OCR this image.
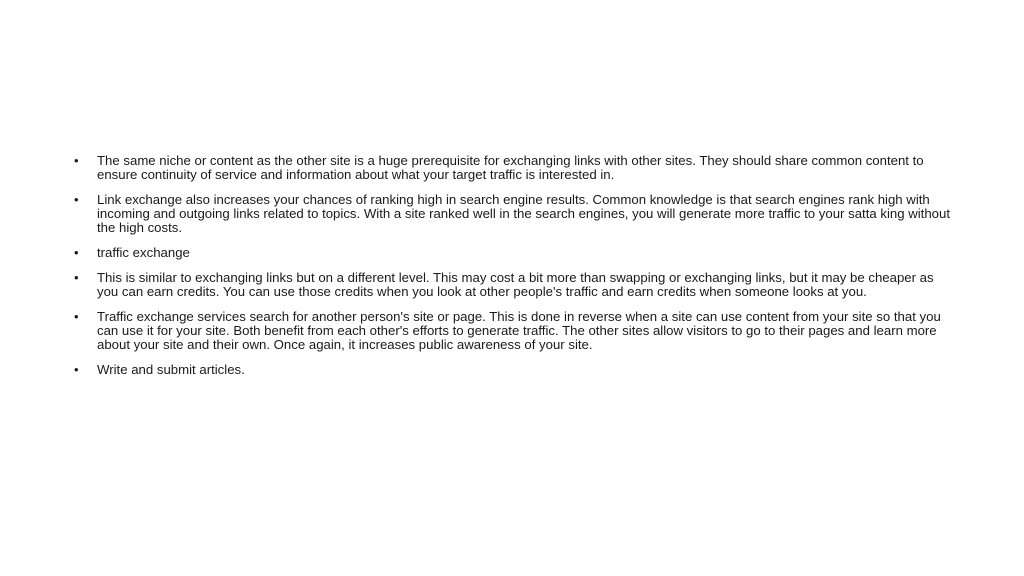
• The same niche or content as the other site is a huge prerequisite for exchanging links with other sites. They should share common content to ensure continuity of service and information about what your target traffic is interested in.
• Link exchange also increases your chances of ranking high in search engine results. Common knowledge is that search engines rank high with incoming and outgoing links related to topics. With a site ranked well in the search engines, you will generate more traffic to your satta king without the high costs.
• traffic exchange
• This is similar to exchanging links but on a different level. This may cost a bit more than swapping or exchanging links, but it may be cheaper as you can earn credits. You can use those credits when you look at other people's traffic and earn credits when someone looks at you.
• Traffic exchange services search for another person's site or page. This is done in reverse when a site can use content from your site so that you can use it for your site. Both benefit from each other's efforts to generate traffic. The other sites allow visitors to go to their pages and learn more about your site and their own. Once again, it increases public awareness of your site.
• Write and submit articles.
